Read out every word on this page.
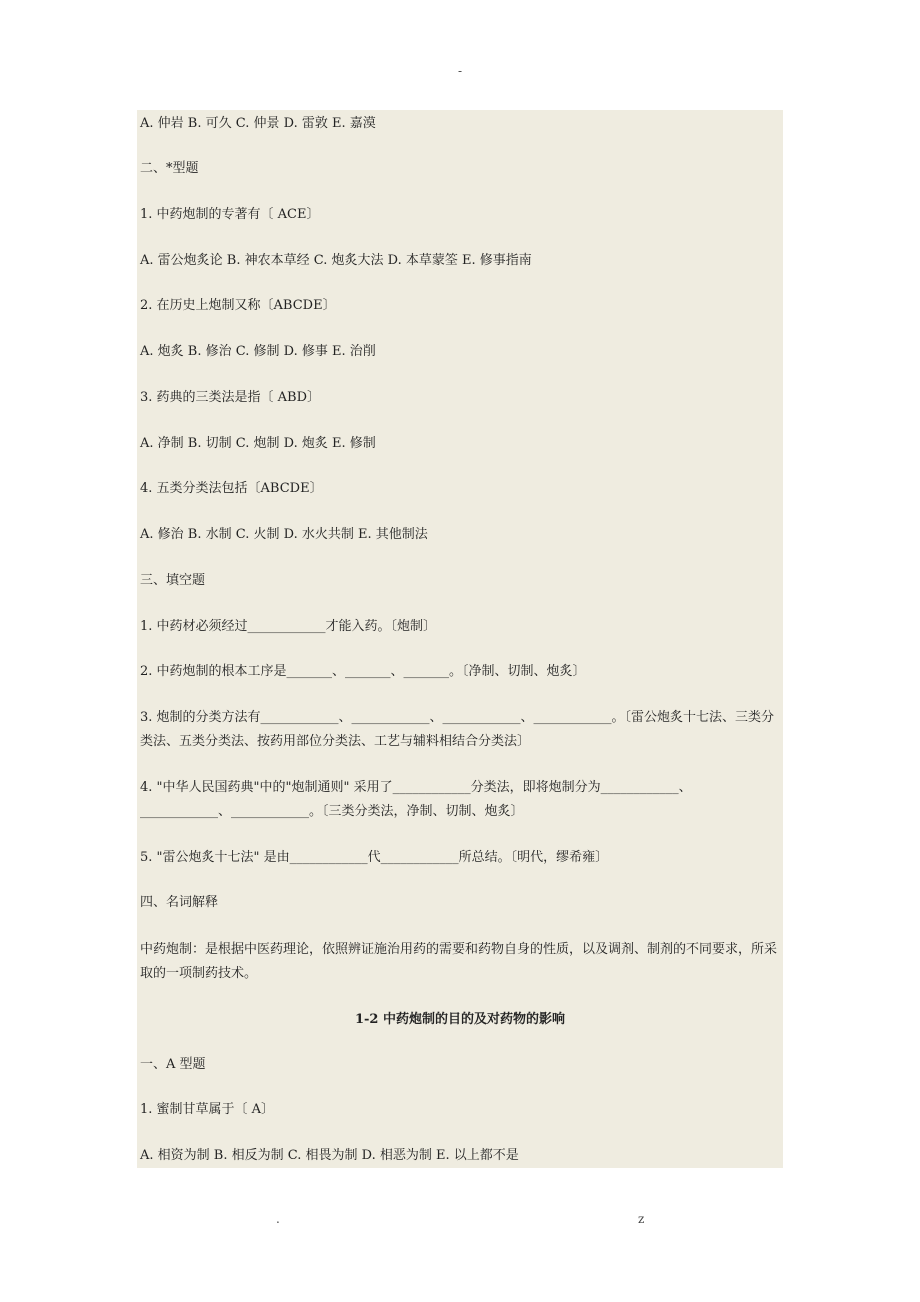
-
A. 仲岩 B. 可久 C. 仲景 D. 雷敦 E. 嘉漠
二、*型题
1. 中药炮制的专著有〔 ACE〕
A. 雷公炮炙论 B. 神农本草经 C. 炮炙大法 D. 本草蒙筌 E. 修事指南
2. 在历史上炮制又称〔ABCDE〕
A. 炮炙 B. 修治 C. 修制 D. 修事 E. 治削
3. 药典的三类法是指〔 ABD〕
A. 净制 B. 切制 C. 炮制 D. 炮炙 E. 修制
4. 五类分类法包括〔ABCDE〕
A. 修治 B. 水制 C. 火制 D. 水火共制 E. 其他制法
三、填空题
1. 中药材必须经过____________才能入药。〔炮制〕
2. 中药炮制的根本工序是_______、_______、_______。〔净制、切制、炮炙〕
3. 炮制的分类方法有____________、____________、____________、____________。〔雷公炮炙十七法、三类分类法、五类分类法、按药用部位分类法、工艺与辅料相结合分类法〕
4. "中华人民国药典"中的"炮制通则" 采用了____________分类法，即将炮制分为____________、____________、____________。〔三类分类法，净制、切制、炮炙〕
5. "雷公炮炙十七法" 是由____________代____________所总结。〔明代，缪希雍〕
四、名词解释
中药炮制：是根据中医药理论，依照辨证施治用药的需要和药物自身的性质，以及调剂、制剂的不同要求，所采取的一项制药技术。
1-2 中药炮制的目的及对药物的影响
一、A 型题
1. 蜜制甘草属于〔 A〕
A. 相资为制 B. 相反为制 C. 相畏为制 D. 相恶为制 E. 以上都不是
.	z
